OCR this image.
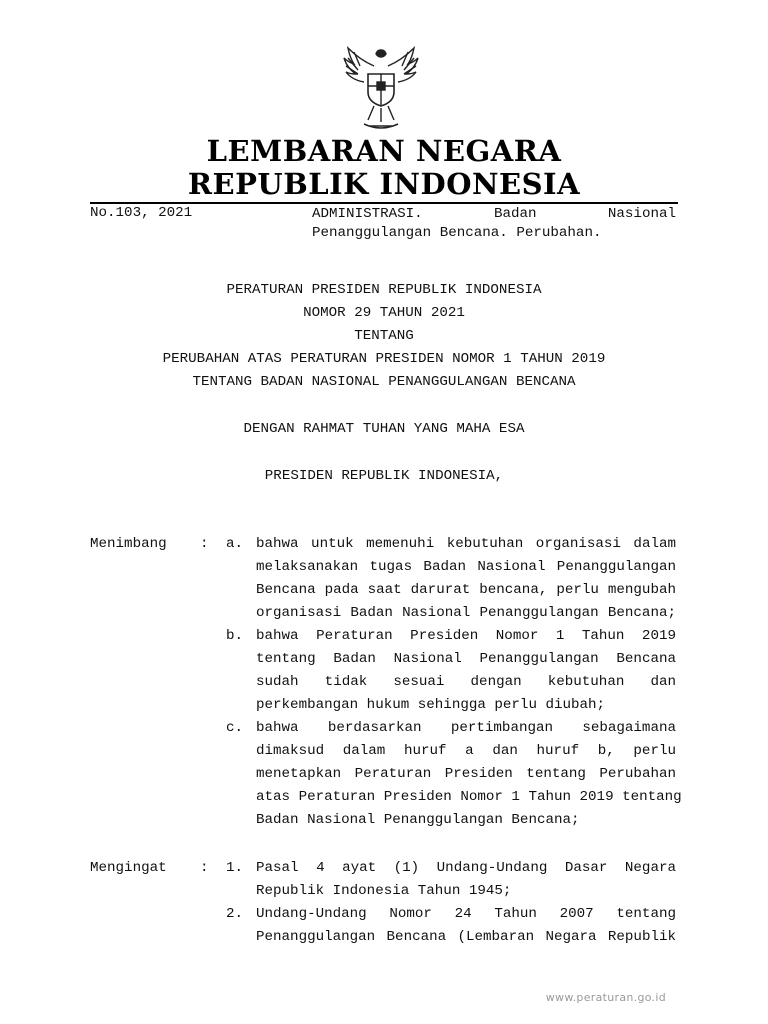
LEMBARAN NEGARA
REPUBLIK INDONESIA
No.103, 2021	ADMINISTRASI. Badan Nasional
Penanggulangan Bencana. Perubahan.
PERATURAN PRESIDEN REPUBLIK INDONESIA
NOMOR 29 TAHUN 2021
TENTANG
PERUBAHAN ATAS PERATURAN PRESIDEN NOMOR 1 TAHUN 2019
TENTANG BADAN NASIONAL PENANGGULANGAN BENCANA
DENGAN RAHMAT TUHAN YANG MAHA ESA
PRESIDEN REPUBLIK INDONESIA,
Menimbang : a. bahwa untuk memenuhi kebutuhan organisasi dalam
melaksanakan tugas Badan Nasional Penanggulangan
Bencana pada saat darurat bencana, perlu mengubah
organisasi Badan Nasional Penanggulangan Bencana;
b. bahwa Peraturan Presiden Nomor 1 Tahun 2019
tentang Badan Nasional Penanggulangan Bencana
sudah tidak sesuai dengan kebutuhan dan
perkembangan hukum sehingga perlu diubah;
c. bahwa berdasarkan pertimbangan sebagaimana
dimaksud dalam huruf a dan huruf b, perlu
menetapkan Peraturan Presiden tentang Perubahan
atas Peraturan Presiden Nomor 1 Tahun 2019 tentang
Badan Nasional Penanggulangan Bencana;
Mengingat : 1. Pasal 4 ayat (1) Undang-Undang Dasar Negara
Republik Indonesia Tahun 1945;
2. Undang-Undang Nomor 24 Tahun 2007 tentang
Penanggulangan Bencana (Lembaran Negara Republik
www.peraturan.go.id
